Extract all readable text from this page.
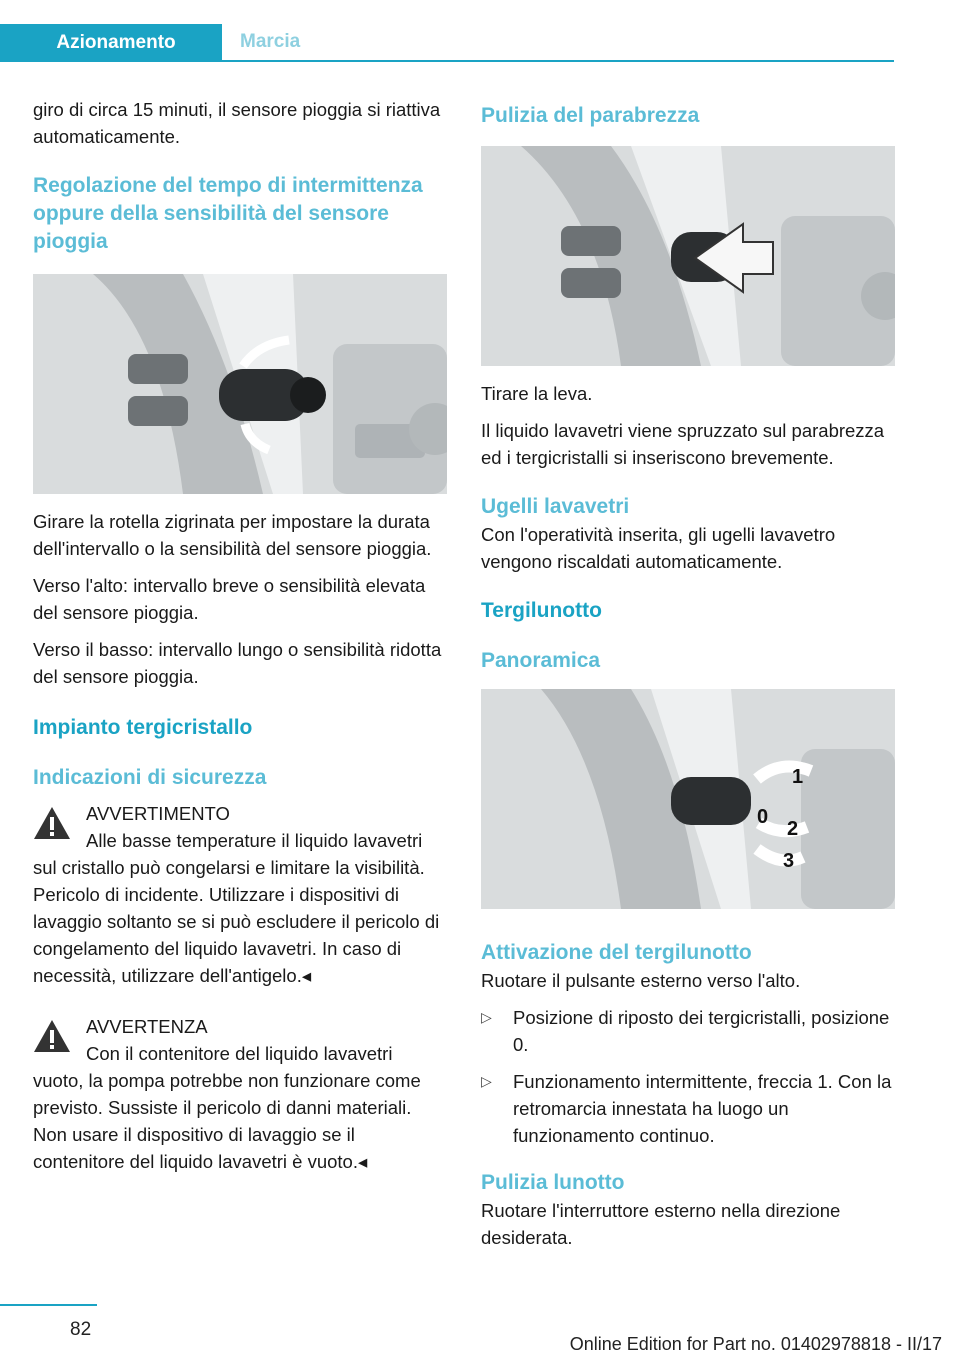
Azionamento	Marcia

giro di circa 15 minuti, il sensore pioggia si riattiva automaticamente.

Regolazione del tempo di intermittenza oppure della sensibilità del sensore pioggia

Girare la rotella zigrinata per impostare la durata dell'intervallo o la sensibilità del sensore pioggia.

Verso l'alto: intervallo breve o sensibilità elevata del sensore pioggia.

Verso il basso: intervallo lungo o sensibilità ridotta del sensore pioggia.

Impianto tergicristallo
Indicazioni di sicurezza
AVVERTIMENTO

Alle basse temperature il liquido lavavetri
sul cristallo può congelarsi e limitare la visibilità. Pericolo di incidente. Utilizzare i dispositivi di lavaggio soltanto se si può escludere il pericolo di congelamento del liquido lavavetri. In caso di necessità, utilizzare dell'antigelo.◂

AVVERTENZA

Con il contenitore del liquido lavavetri
vuoto, la pompa potrebbe non funzionare come previsto. Sussiste il pericolo di danni materiali. Non usare il dispositivo di lavaggio se il contenitore del liquido lavavetri è vuoto.◂

Pulizia del parabrezza

Tirare la leva.

Il liquido lavavetri viene spruzzato sul parabrezza ed i tergicristalli si inseriscono brevemente.

Ugelli lavavetri

Con l'operatività inserita, gli ugelli lavavetro vengono riscaldati automaticamente.

Tergilunotto
Panoramica
1
0
2
3
Attivazione del tergilunotto

Ruotare il pulsante esterno verso l'alto.

▷ Posizione di riposto dei tergicristalli, posizione 0.
▷ Funzionamento intermittente, freccia 1. Con la retromarcia innestata ha luogo un funzionamento continuo.
Pulizia lunotto

Ruotare l'interruttore esterno nella direzione desiderata.

82
Online Edition for Part no. 01402978818 - II/17
